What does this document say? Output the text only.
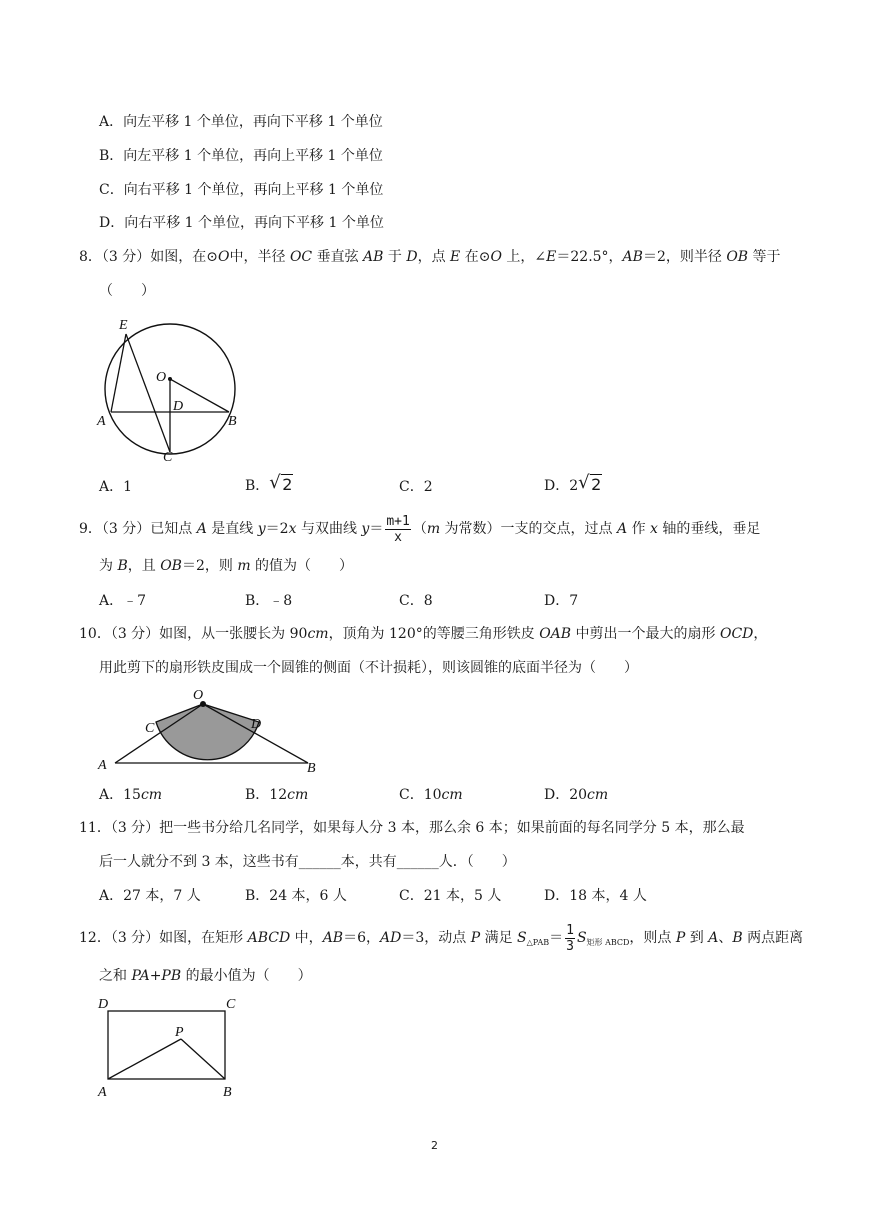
A．向左平移 1 个单位，再向下平移 1 个单位
B．向左平移 1 个单位，再向上平移 1 个单位
C．向右平移 1 个单位，再向上平移 1 个单位
D．向右平移 1 个单位，再向下平移 1 个单位
8．（3 分）如图，在⊙O中，半径 OC 垂直弦 AB 于 D，点 E 在⊙O 上，∠E＝22.5°，AB＝2，则半径 OB 等于
（　　）
E
O
D
A	B
C
A．1	B． √ 2	C．2	D．2 √ 2
9．（3 分）已知点 A 是直线 y＝2x 与双曲线 $y= \frac{m+1}{x} (m$ 为常数）一支的交点，过点 A 作 x 轴的垂线，垂足
为 B，且 OB＝2，则 m 的值为（　　）
A．﹣7	B．﹣8	C．8	D．7
10．（3 分）如图，从一张腰长为 90cm，顶角为 120°的等腰三角形铁皮 OAB 中剪出一个最大的扇形 OCD，
用此剪下的扇形铁皮围成一个圆锥的侧面（不计损耗），则该圆锥的底面半径为（　　）
O
C	D
A	B
A．15cm	B．12cm	C．10cm	D．20cm
11．（3 分）把一些书分给几名同学，如果每人分 3 本，那么余 6 本；如果前面的每名同学分 5 本，那么最
后一人就分不到 3 本，这些书有______本，共有______人．（　　）
A．27 本，7 人	B．24 本，6 人	C．21 本，5 人	D．18 本，4 人
12．（3 分）如图，在矩形 ABCD 中，AB＝6，AD＝3，动点 P 满足 $S_{\triangle PAB}= \frac{1}{3} S_{矩形 ABCD}$，则点 P 到 A、B 两点距离
之和 PA+PB 的最小值为（　　）
D	C
P
A	B
2
